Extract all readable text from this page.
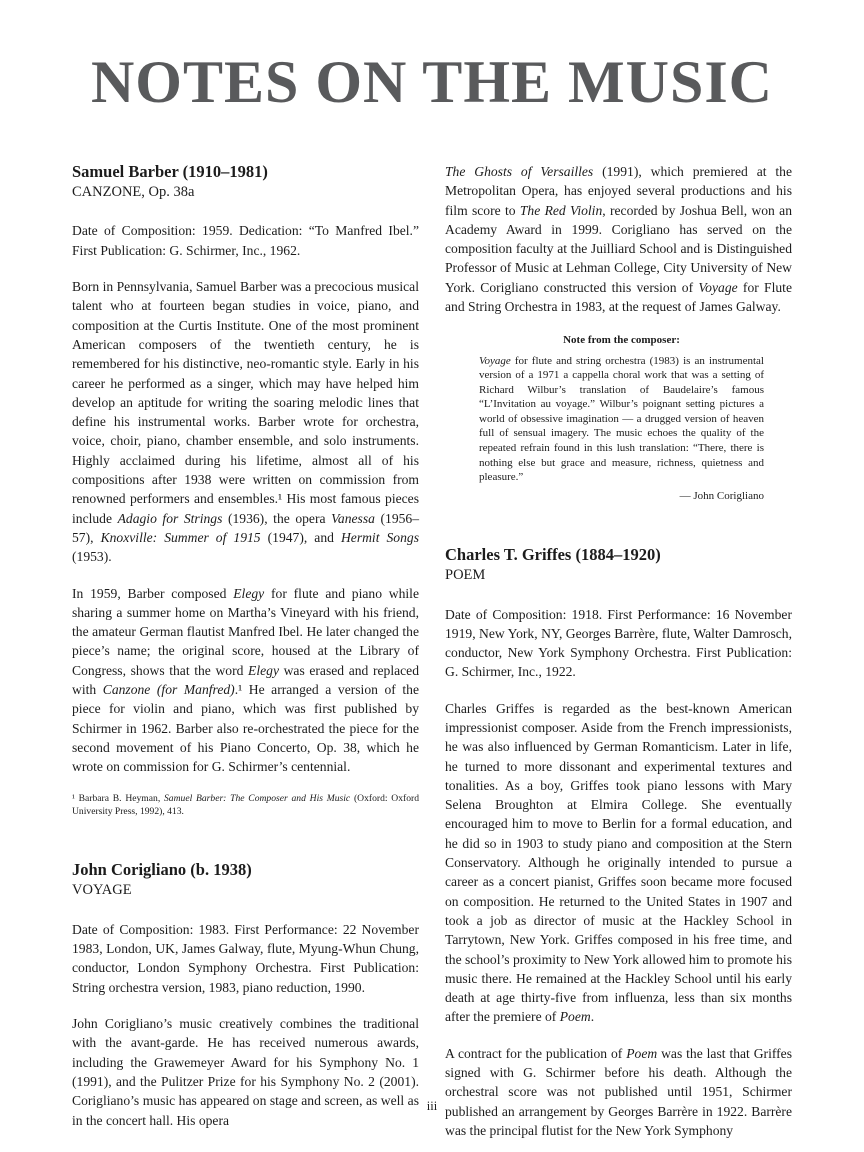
NOTES ON THE MUSIC
Samuel Barber (1910–1981)
CANZONE, Op. 38a

Date of Composition: 1959. Dedication: “To Manfred Ibel.” First Publication: G. Schirmer, Inc., 1962.

Born in Pennsylvania, Samuel Barber was a precocious musical talent who at fourteen began studies in voice, piano, and composition at the Curtis Institute. One of the most prominent American composers of the twentieth century, he is remembered for his distinctive, neo-romantic style. Early in his career he performed as a singer, which may have helped him develop an aptitude for writing the soaring melodic lines that define his instrumental works. Barber wrote for orchestra, voice, choir, piano, chamber ensemble, and solo instruments. Highly acclaimed during his lifetime, almost all of his compositions after 1938 were written on commission from renowned performers and ensembles.¹ His most famous pieces include Adagio for Strings (1936), the opera Vanessa (1956–57), Knoxville: Summer of 1915 (1947), and Hermit Songs (1953).

In 1959, Barber composed Elegy for flute and piano while sharing a summer home on Martha’s Vineyard with his friend, the amateur German flautist Manfred Ibel. He later changed the piece’s name; the original score, housed at the Library of Congress, shows that the word Elegy was erased and replaced with Canzone (for Manfred).¹ He arranged a version of the piece for violin and piano, which was first published by Schirmer in 1962. Barber also re-orchestrated the piece for the second movement of his Piano Concerto, Op. 38, which he wrote on commission for G. Schirmer’s centennial.

¹ Barbara B. Heyman, Samuel Barber: The Composer and His Music (Oxford: Oxford University Press, 1992), 413.
John Corigliano (b. 1938)
VOYAGE

Date of Composition: 1983. First Performance: 22 November 1983, London, UK, James Galway, flute, Myung-Whun Chung, conductor, London Symphony Orchestra. First Publication: String orchestra version, 1983, piano reduction, 1990.

John Corigliano’s music creatively combines the traditional with the avant-garde. He has received numerous awards, including the Grawemeyer Award for his Symphony No. 1 (1991), and the Pulitzer Prize for his Symphony No. 2 (2001). Corigliano’s music has appeared on stage and screen, as well as in the concert hall. His opera

The Ghosts of Versailles (1991), which premiered at the Metropolitan Opera, has enjoyed several productions and his film score to The Red Violin, recorded by Joshua Bell, won an Academy Award in 1999. Corigliano has served on the composition faculty at the Juilliard School and is Distinguished Professor of Music at Lehman College, City University of New York. Corigliano constructed this version of Voyage for Flute and String Orchestra in 1983, at the request of James Galway.

Note from the composer:

Voyage for flute and string orchestra (1983) is an instrumental version of a 1971 a cappella choral work that was a setting of Richard Wilbur’s translation of Baudelaire’s famous “L’Invitation au voyage.” Wilbur’s poignant setting pictures a world of obsessive imagination — a drugged version of heaven full of sensual imagery. The music echoes the quality of the repeated refrain found in this lush translation: “There, there is nothing else but grace and measure, richness, quietness and pleasure.”

— John Corigliano

Charles T. Griffes (1884–1920)
POEM

Date of Composition: 1918. First Performance: 16 November 1919, New York, NY, Georges Barrère, flute, Walter Damrosch, conductor, New York Symphony Orchestra. First Publication: G. Schirmer, Inc., 1922.

Charles Griffes is regarded as the best-known American impressionist composer. Aside from the French impressionists, he was also influenced by German Romanticism. Later in life, he turned to more dissonant and experimental textures and tonalities. As a boy, Griffes took piano lessons with Mary Selena Broughton at Elmira College. She eventually encouraged him to move to Berlin for a formal education, and he did so in 1903 to study piano and composition at the Stern Conservatory. Although he originally intended to pursue a career as a concert pianist, Griffes soon became more focused on composition. He returned to the United States in 1907 and took a job as director of music at the Hackley School in Tarrytown, New York. Griffes composed in his free time, and the school’s proximity to New York allowed him to promote his music there. He remained at the Hackley School until his early death at age thirty-five from influenza, less than six months after the premiere of Poem.

A contract for the publication of Poem was the last that Griffes signed with G. Schirmer before his death. Although the orchestral score was not published until 1951, Schirmer published an arrangement by Georges Barrère in 1922. Barrère was the principal flutist for the New York Symphony

iii
